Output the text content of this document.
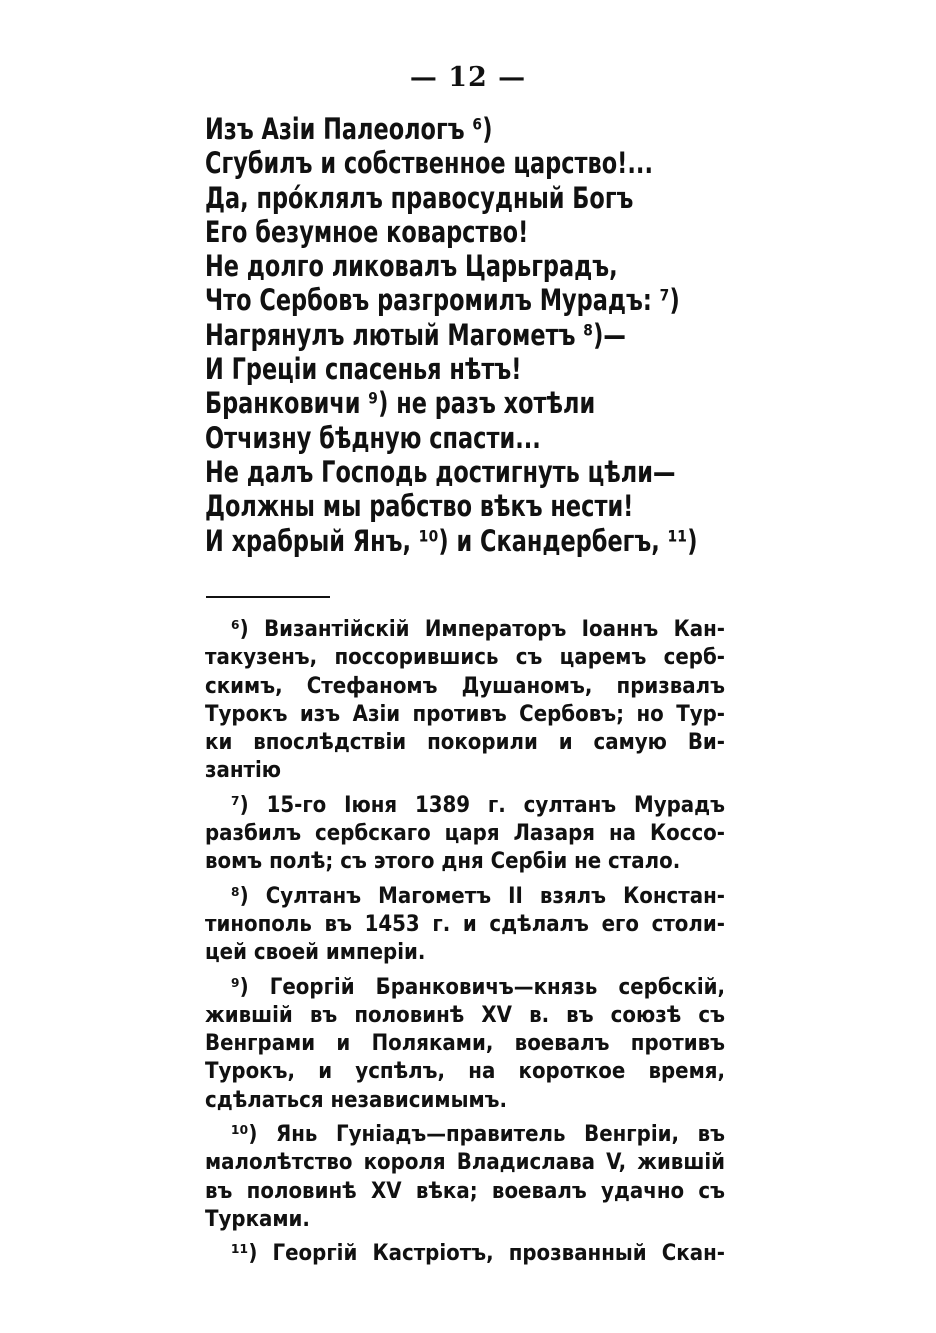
— 12 —
Изъ Азіи Палеологъ ⁶)
Сгубилъ и собственное царство!...
Да, прóклялъ правосудный Богъ
Его безумное коварство!
Не долго ликовалъ Царьградъ,
Что Сербовъ разгромилъ Мурадъ: ⁷)
Нагрянулъ лютый Магометъ ⁸)—
И Греціи спасенья нѣтъ!
Бранковичи ⁹) не разъ хотѣли
Отчизну бѣдную спасти...
Не далъ Господь достигнуть цѣли—
Должны мы рабство вѣкъ нести!
И храбрый Янъ, ¹⁰) и Скандербегъ, ¹¹)
⁶) Византійскій Императоръ Іоаннъ Кан-
такузенъ, поссорившись съ царемъ серб-
скимъ, Стефаномъ Душаномъ, призвалъ
Турокъ изъ Азіи противъ Сербовъ; но Тур-
ки впослѣдствіи покорили и самую Ви-
зантію
⁷) 15-го Іюня 1389 г. султанъ Мурадъ
разбилъ сербскаго царя Лазаря на Коссо-
вомъ полѣ; съ этого дня Сербіи не стало.
⁸) Султанъ Магометъ II взялъ Констан-
тинополь въ 1453 г. и сдѣлалъ его столи-
цей своей имперіи.
⁹) Георгій Бранковичъ—князь сербскій,
жившій въ половинѣ XV в. въ союзѣ съ
Венграми и Поляками, воевалъ противъ
Турокъ, и успѣлъ, на короткое время,
сдѣлаться независимымъ.
¹⁰) Янь Гуніадъ—правитель Венгріи, въ
малолѣтство короля Владислава V, жившій
въ половинѣ XV вѣка; воевалъ удачно съ
Турками.
¹¹) Георгій Кастріотъ, прозванный Скан-
